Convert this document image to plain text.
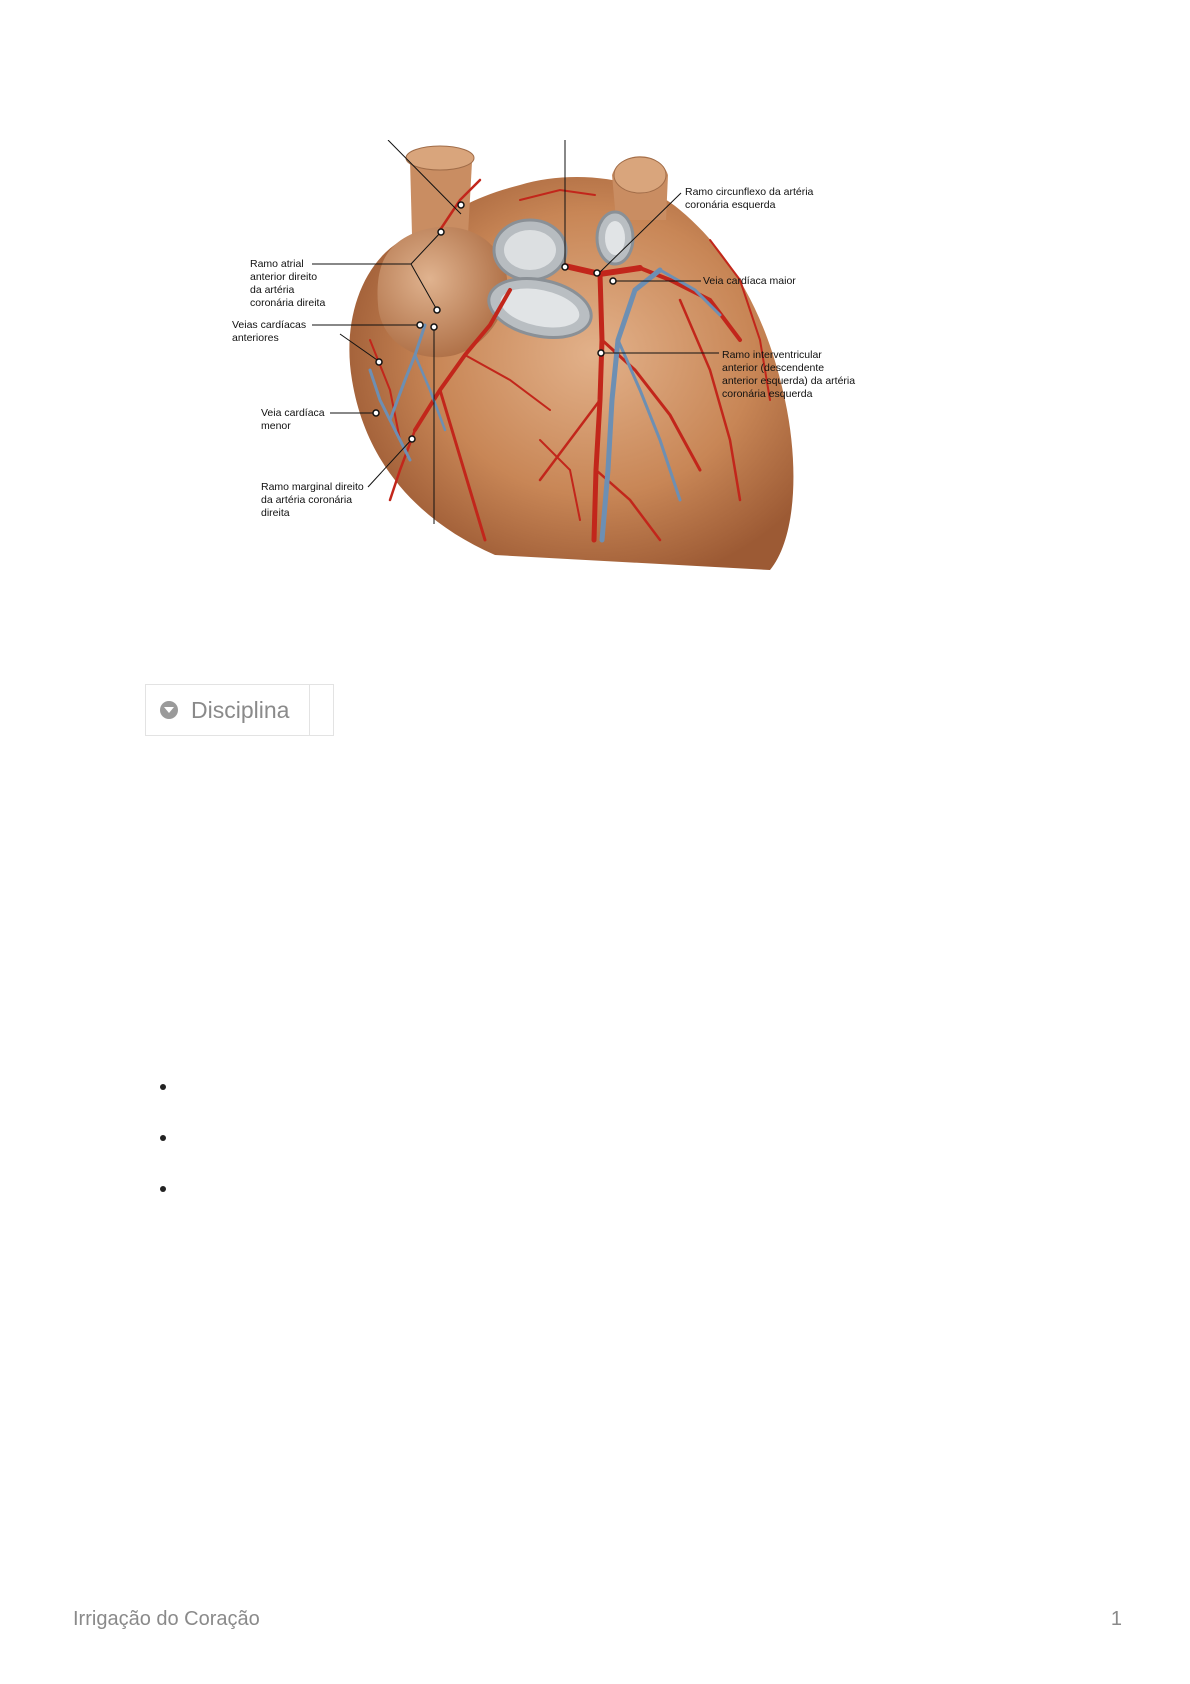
Ramo circunflexo da artéria
coronária esquerda
Veia cardíaca maior
Ramo interventricular
anterior (descendente
anterior esquerda) da artéria
coronária esquerda
Ramo atrial
anterior direito
da artéria
coronária direita
Veias cardíacas
anteriores
Veia cardíaca
menor
Ramo marginal direito
da artéria coronária
direita
Disciplina
Irrigação do Coração	1
